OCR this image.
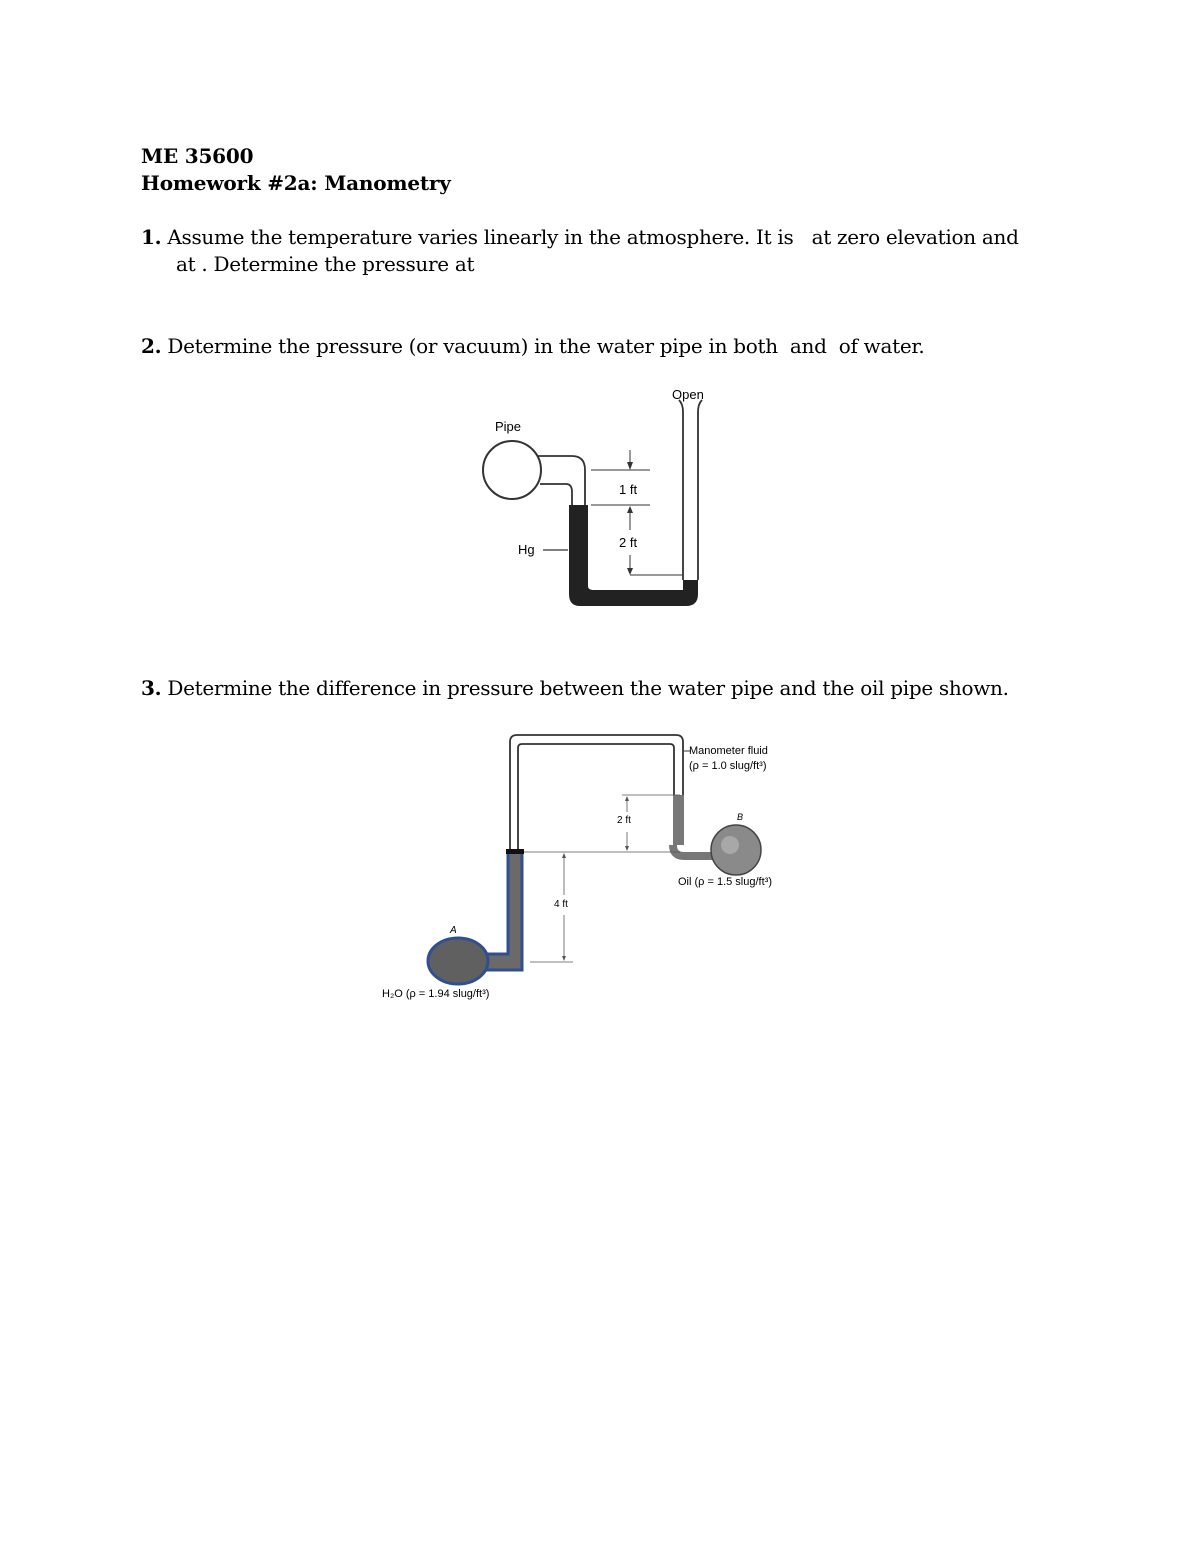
ME 35600

Homework #2a: Manometry

1. Assume the temperature varies linearly in the atmosphere. It is   at zero elevation and

at . Determine the pressure at

2. Determine the pressure (or vacuum) in the water pipe in both  and  of water.

Open
Pipe
1 ft
2 ft
Hg

3. Determine the difference in pressure between the water pipe and the oil pipe shown.

Manometer fluid
(ρ = 1.0 slug/ft³)
B
2 ft
4 ft
Oil (ρ = 1.5 slug/ft³)
A
H₂O (ρ = 1.94 slug/ft³)
